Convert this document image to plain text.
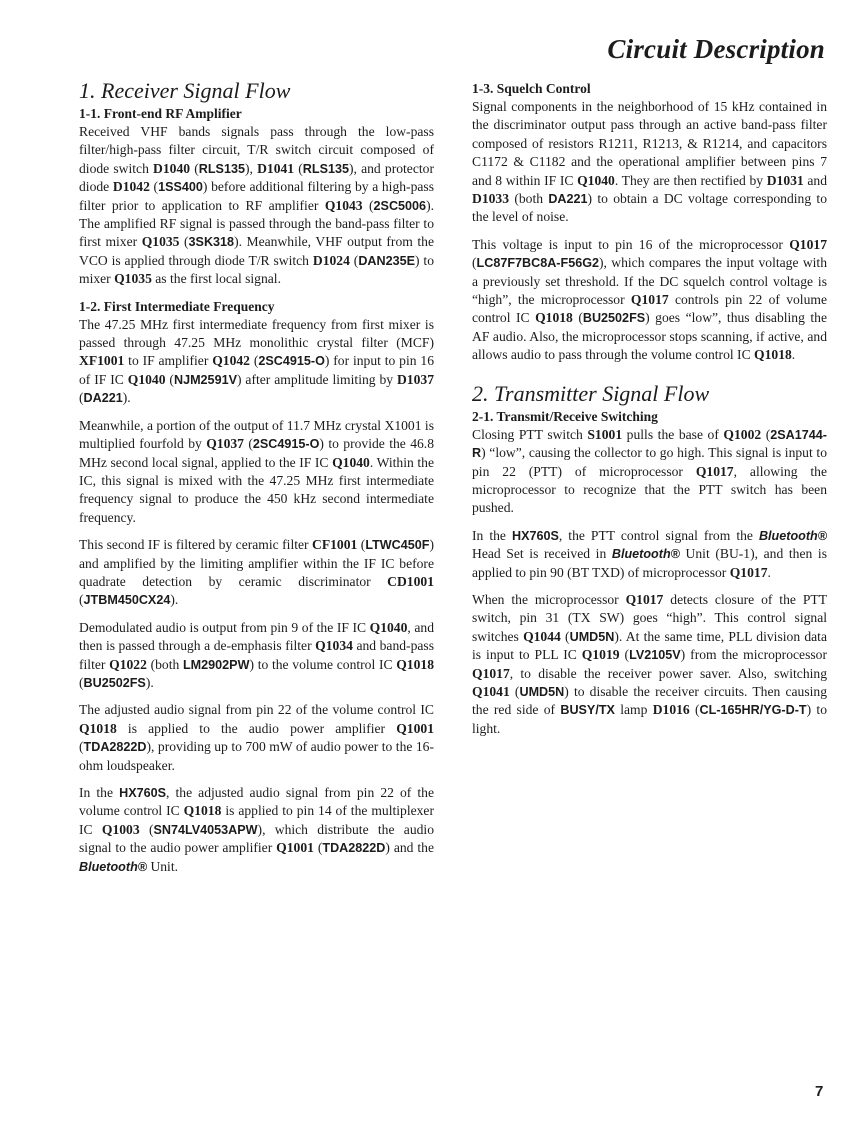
Circuit Description
1. Receiver Signal Flow
1-1. Front-end RF Amplifier

Received VHF bands signals pass through the low-pass filter/high-pass filter circuit, T/R switch circuit composed of diode switch D1040 (RLS135), D1041 (RLS135), and protector diode D1042 (1SS400) before additional filtering by a high-pass filter prior to application to RF amplifier Q1043 (2SC5006). The amplified RF signal is passed through the band-pass filter to first mixer Q1035 (3SK318). Meanwhile, VHF output from the VCO is applied through diode T/R switch D1024 (DAN235E) to mixer Q1035 as the first local signal.

1-2. First Intermediate Frequency

The 47.25 MHz first intermediate frequency from first mixer is passed through 47.25 MHz monolithic crystal filter (MCF) XF1001 to IF amplifier Q1042 (2SC4915-O) for input to pin 16 of IF IC Q1040 (NJM2591V) after amplitude limiting by D1037 (DA221).

Meanwhile, a portion of the output of 11.7 MHz crystal X1001 is multiplied fourfold by Q1037 (2SC4915-O) to provide the 46.8 MHz second local signal, applied to the IF IC Q1040. Within the IC, this signal is mixed with the 47.25 MHz first intermediate frequency signal to produce the 450 kHz second intermediate frequency.

This second IF is filtered by ceramic filter CF1001 (LTWC450F) and amplified by the limiting amplifier within the IF IC before quadrate detection by ceramic discriminator CD1001 (JTBM450CX24).

Demodulated audio is output from pin 9 of the IF IC Q1040, and then is passed through a de-emphasis filter Q1034 and band-pass filter Q1022 (both LM2902PW) to the volume control IC Q1018 (BU2502FS).

The adjusted audio signal from pin 22 of the volume control IC Q1018 is applied to the audio power amplifier Q1001 (TDA2822D), providing up to 700 mW of audio power to the 16-ohm loudspeaker.

In the HX760S, the adjusted audio signal from pin 22 of the volume control IC Q1018 is applied to pin 14 of the multiplexer IC Q1003 (SN74LV4053APW), which distribute the audio signal to the audio power amplifier Q1001 (TDA2822D) and the Bluetooth® Unit.

1-3. Squelch Control

Signal components in the neighborhood of 15 kHz contained in the discriminator output pass through an active band-pass filter composed of resistors R1211, R1213, & R1214, and capacitors C1172 & C1182 and the operational amplifier between pins 7 and 8 within IF IC Q1040. They are then rectified by D1031 and D1033 (both DA221) to obtain a DC voltage corresponding to the level of noise.

This voltage is input to pin 16 of the microprocessor Q1017 (LC87F7BC8A-F56G2), which compares the input voltage with a previously set threshold. If the DC squelch control voltage is “high”, the microprocessor Q1017 controls pin 22 of volume control IC Q1018 (BU2502FS) goes “low”, thus disabling the AF audio. Also, the microprocessor stops scanning, if active, and allows audio to pass through the volume control IC Q1018.

2. Transmitter Signal Flow
2-1. Transmit/Receive Switching

Closing PTT switch S1001 pulls the base of Q1002 (2SA1744-R) “low”, causing the collector to go high. This signal is input to pin 22 (PTT) of microprocessor Q1017, allowing the microprocessor to recognize that the PTT switch has been pushed.

In the HX760S, the PTT control signal from the Bluetooth® Head Set is received in Bluetooth® Unit (BU-1), and then is applied to pin 90 (BT TXD) of microprocessor Q1017.

When the microprocessor Q1017 detects closure of the PTT switch, pin 31 (TX SW) goes “high”. This control signal switches Q1044 (UMD5N). At the same time, PLL division data is input to PLL IC Q1019 (LV2105V) from the microprocessor Q1017, to disable the receiver power saver. Also, switching Q1041 (UMD5N) to disable the receiver circuits. Then causing the red side of BUSY/TX lamp D1016 (CL-165HR/YG-D-T) to light.

7
